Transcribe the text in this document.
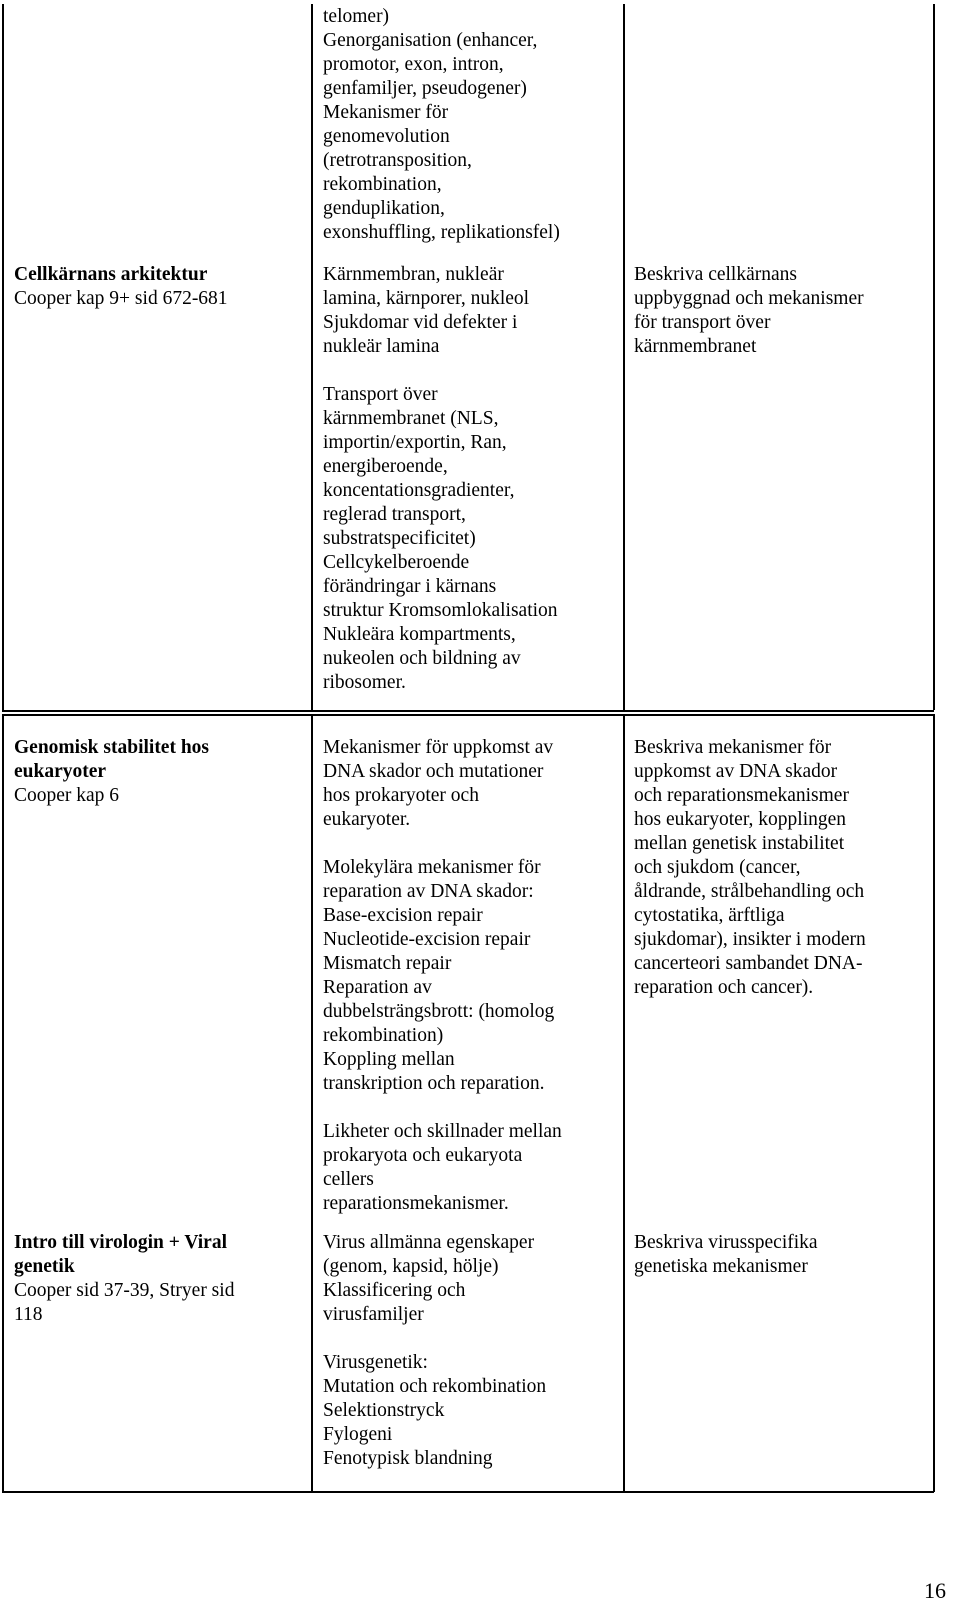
telomer)
Genorganisation (enhancer,
promotor, exon, intron,
genfamiljer, pseudogener)
Mekanismer för
genomevolution
(retrotransposition,
rekombination,
genduplikation,
exonshuffling, replikationsfel)

Cellkärnans arkitektur

Cooper kap 9+ sid 672-681

Kärnmembran, nukleär
lamina, kärnporer, nukleol
Sjukdomar vid defekter i
nukleär lamina

Transport över
kärnmembranet (NLS,
importin/exportin, Ran,
energiberoende,
koncentationsgradienter,
reglerad transport,
substratspecificitet)
Cellcykelberoende
förändringar i kärnans
struktur Kromsomlokalisation
Nukleära kompartments,
nukeolen och bildning av
ribosomer.

Beskriva cellkärnans
uppbyggnad och mekanismer
för transport över
kärnmembranet

Genomisk stabilitet hos
eukaryoter

Cooper kap 6

Mekanismer för uppkomst av
DNA skador och mutationer
hos prokaryoter och
eukaryoter.

Molekylära mekanismer för
reparation av DNA skador:
Base-excision repair
Nucleotide-excision repair
Mismatch repair
Reparation av
dubbelsträngsbrott: (homolog
rekombination)
Koppling mellan
transkription och reparation.

Likheter och skillnader mellan
prokaryota och eukaryota
cellers
reparationsmekanismer.

Beskriva mekanismer för
uppkomst av DNA skador
och reparationsmekanismer
hos eukaryoter, kopplingen
mellan genetisk instabilitet
och sjukdom (cancer,
åldrande, strålbehandling och
cytostatika, ärftliga
sjukdomar), insikter i modern
cancerteori sambandet DNA-
reparation och cancer).

Intro till virologin + Viral
genetik

Cooper sid 37-39, Stryer sid
118

Virus allmänna egenskaper
(genom, kapsid, hölje)
Klassificering och
virusfamiljer

Virusgenetik:
Mutation och rekombination
Selektionstryck
Fylogeni
Fenotypisk blandning

Beskriva virusspecifika
genetiska mekanismer

16
